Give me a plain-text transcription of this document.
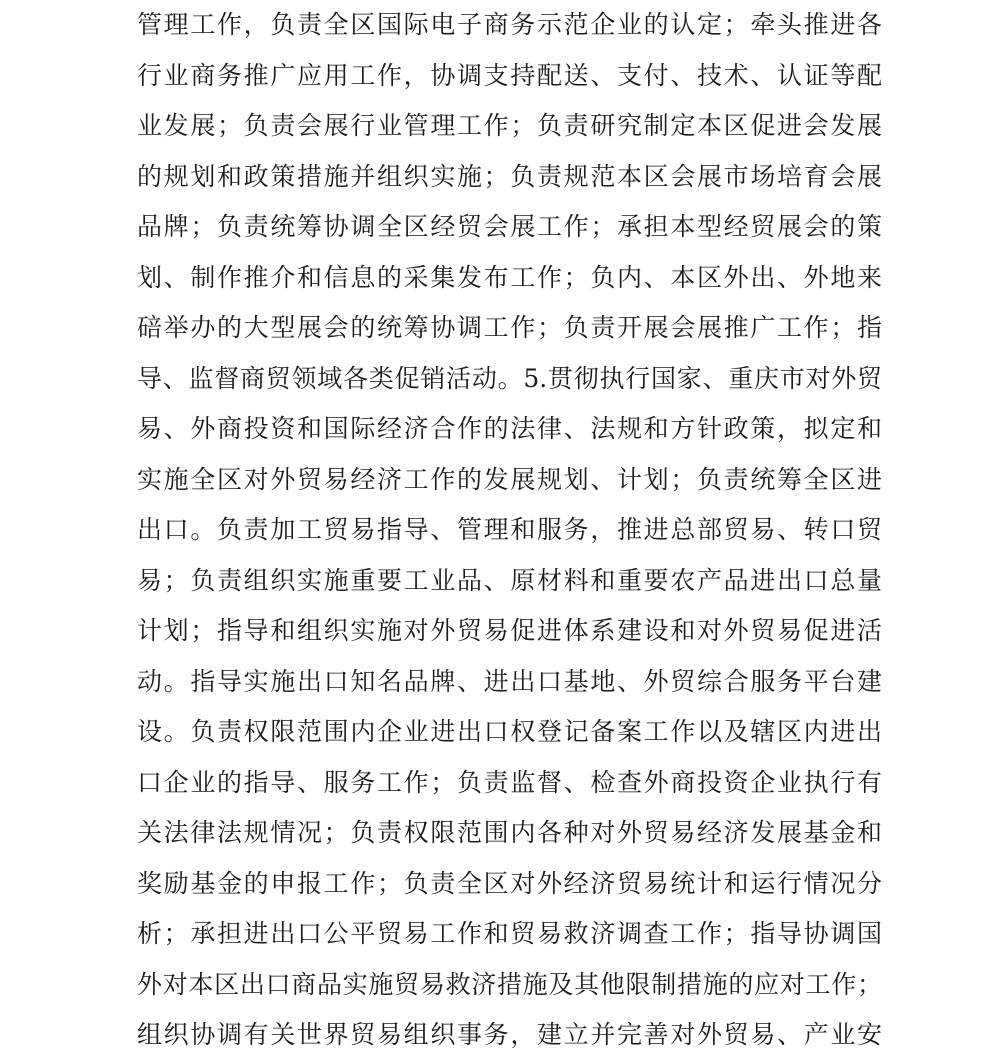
管理工作，负责全区国际电子商务示范企业的认定；牵头推进各
行业商务推广应用工作，协调支持配送、支付、技术、认证等配
业发展；负责会展行业管理工作；负责研究制定本区促进会发展
的规划和政策措施并组织实施；负责规范本区会展市场培育会展
品牌；负责统筹协调全区经贸会展工作；承担本型经贸展会的策
划、制作推介和信息的采集发布工作；负内、本区外出、外地来
碚举办的大型展会的统筹协调工作；负责开展会展推广工作；指
导、监督商贸领域各类促销活动。5.贯彻执行国家、重庆市对外贸
易、外商投资和国际经济合作的法律、法规和方针政策，拟定和
实施全区对外贸易经济工作的发展规划、计划；负责统筹全区进
出口。负责加工贸易指导、管理和服务，推进总部贸易、转口贸
易；负责组织实施重要工业品、原材料和重要农产品进出口总量
计划；指导和组织实施对外贸易促进体系建设和对外贸易促进活
动。指导实施出口知名品牌、进出口基地、外贸综合服务平台建
设。负责权限范围内企业进出口权登记备案工作以及辖区内进出
口企业的指导、服务工作；负责监督、检查外商投资企业执行有
关法律法规情况；负责权限范围内各种对外贸易经济发展基金和
奖励基金的申报工作；负责全区对外经济贸易统计和运行情况分
析；承担进出口公平贸易工作和贸易救济调查工作；指导协调国
外对本区出口商品实施贸易救济措施及其他限制措施的应对工作；
组织协调有关世界贸易组织事务，建立并完善对外贸易、产业安
